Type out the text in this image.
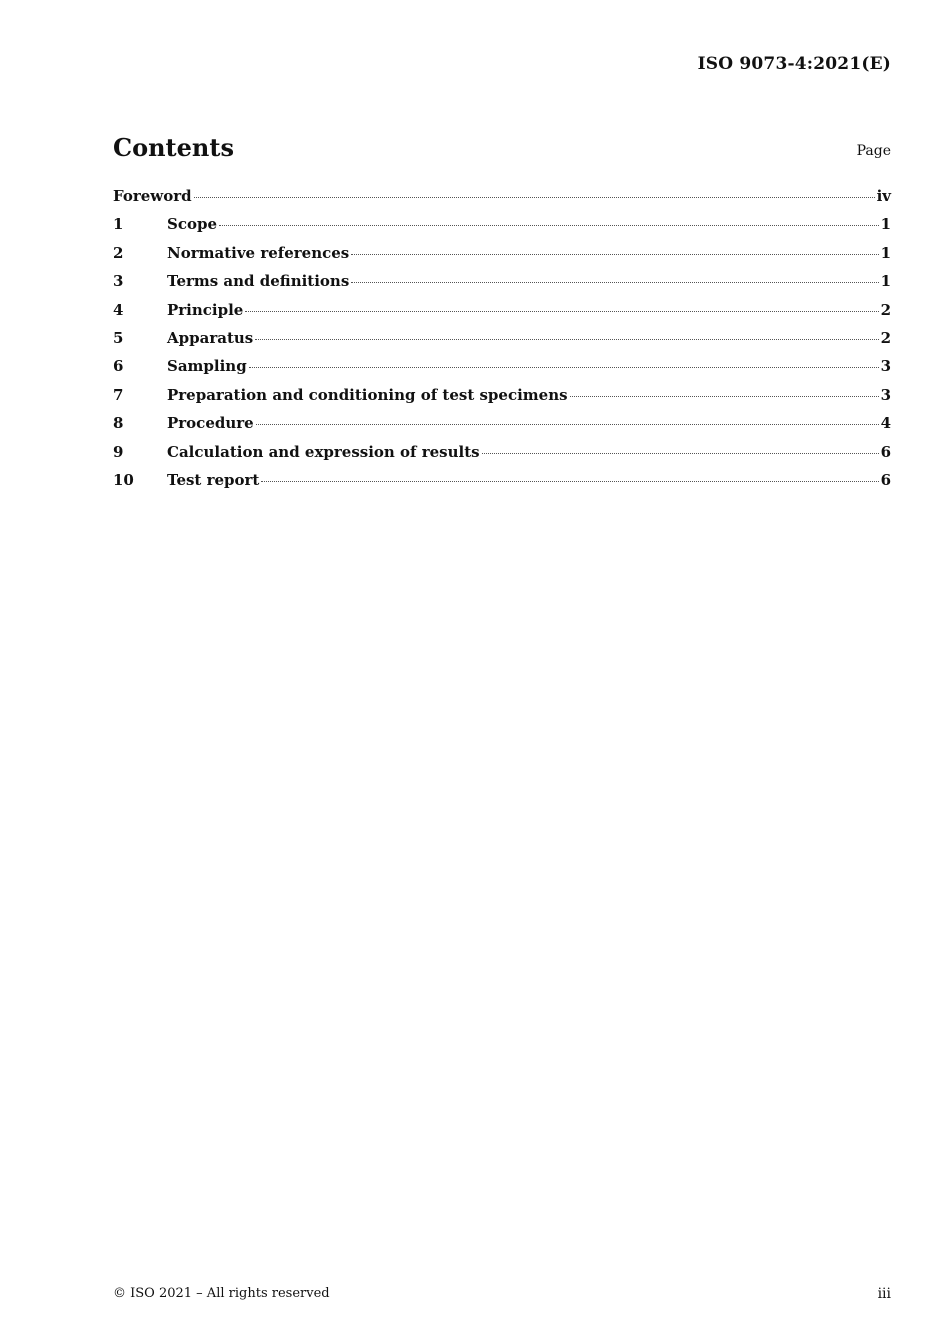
ISO 9073-4:2021(E)
Contents	Page
Foreword	iv
1	Scope	1
2	Normative references	1
3	Terms and definitions	1
4	Principle	2
5	Apparatus	2
6	Sampling	3
7	Preparation and conditioning of test specimens	3
8	Procedure	4
9	Calculation and expression of results	6
10	Test report	6
© ISO 2021 – All rights reserved	iii
